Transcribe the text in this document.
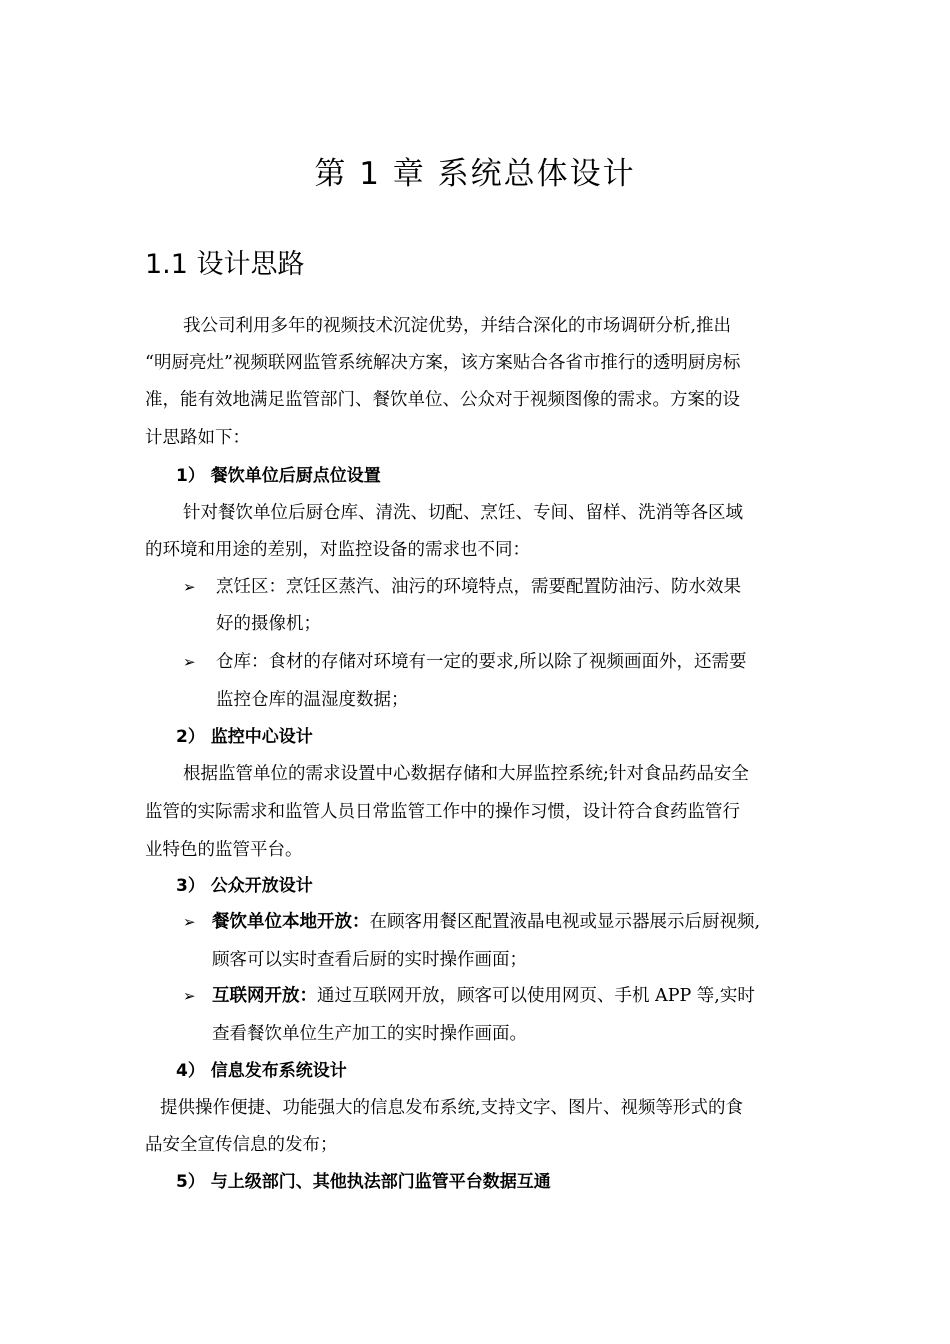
第 1 章 系统总体设计
1.1 设计思路
我公司利用多年的视频技术沉淀优势，并结合深化的市场调研分析,推出
“明厨亮灶”视频联网监管系统解决方案，该方案贴合各省市推行的透明厨房标
准，能有效地满足监管部门、餐饮单位、公众对于视频图像的需求。方案的设
计思路如下：
1） 餐饮单位后厨点位设置
针对餐饮单位后厨仓库、清洗、切配、烹饪、专间、留样、洗消等各区域
的环境和用途的差别，对监控设备的需求也不同：
➢ 烹饪区：烹饪区蒸汽、油污的环境特点，需要配置防油污、防水效果
好的摄像机；
➢ 仓库：食材的存储对环境有一定的要求,所以除了视频画面外，还需要
监控仓库的温湿度数据；
2） 监控中心设计
根据监管单位的需求设置中心数据存储和大屏监控系统;针对食品药品安全
监管的实际需求和监管人员日常监管工作中的操作习惯，设计符合食药监管行
业特色的监管平台。
3） 公众开放设计
➢ 餐饮单位本地开放：在顾客用餐区配置液晶电视或显示器展示后厨视频,
顾客可以实时查看后厨的实时操作画面；
➢ 互联网开放：通过互联网开放，顾客可以使用网页、手机 APP 等,实时
查看餐饮单位生产加工的实时操作画面。
4） 信息发布系统设计
提供操作便捷、功能强大的信息发布系统,支持文字、图片、视频等形式的食
品安全宣传信息的发布；
5） 与上级部门、其他执法部门监管平台数据互通
